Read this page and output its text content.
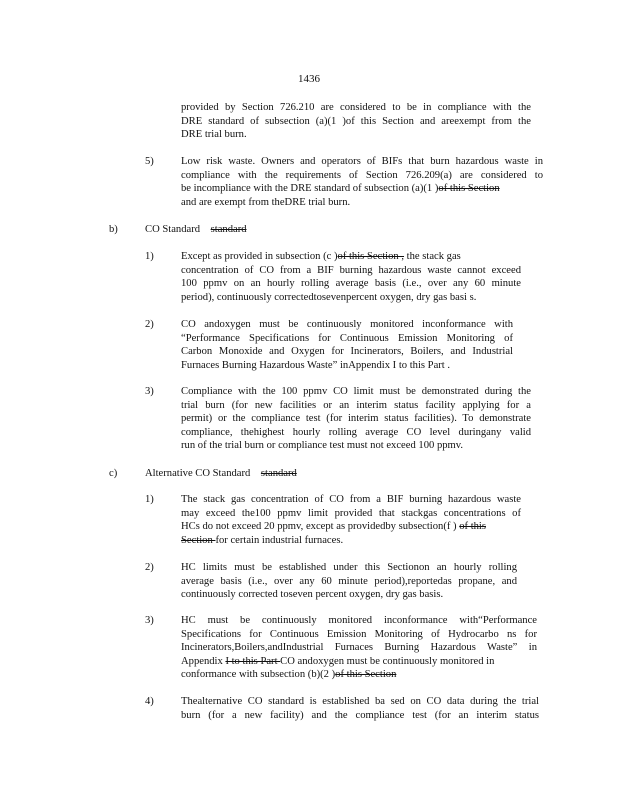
1436
provided by Section 726.210 are considered to be in compliance with the
DRE standard of subsection (a)(1 )of this Section and areexempt from the
DRE trial burn.
5)	Low risk waste. Owners and operators of BIFs that burn hazardous waste in
compliance with the requirements of Section 726.209(a) are considered to
be incompliance with the DRE standard of subsection (a)(1 )of this Section
and are exempt from theDRE trial burn.
b)	CO Standard standard
1)	Except as provided in subsection (c )of this Section , the stack gas
concentration of CO from a BIF burning hazardous waste cannot exceed
100 ppmv on an hourly rolling average basis (i.e., over any 60 minute
period), continuously correctedtosevenpercent oxygen, dry gas basi s.
2)	CO andoxygen must be continuously monitored inconformance with
“Performance Specifications for Continuous Emission Monitoring of
Carbon Monoxide and Oxygen for Incinerators, Boilers, and Industrial
Furnaces Burning Hazardous Waste” inAppendix I to this Part .
3)	Compliance with the 100 ppmv CO limit must be demonstrated during the
trial burn (for new facilities or an interim status facility applying for a
permit) or the compliance test (for interim status facilities). To demonstrate
compliance, thehighest hourly rolling average CO level duringany valid
run of the trial burn or compliance test must not exceed 100 ppmv.
c)	Alternative CO Standard standard
1)	The stack gas concentration of CO from a BIF burning hazardous waste
may exceed the100 ppmv limit provided that stackgas concentrations of
HCs do not exceed 20 ppmv, except as providedby subsection(f ) of this
Section for certain industrial furnaces.
2)	HC limits must be established under this Sectionon an hourly rolling
average basis (i.e., over any 60 minute period),reportedas propane, and
continuously corrected toseven percent oxygen, dry gas basis.
3)	HC must be continuously monitored inconformance with“Performance
Specifications for Continuous Emission Monitoring of Hydrocarbo ns for
Incinerators,Boilers,andIndustrial Furnaces Burning Hazardous Waste” in
Appendix I to this Part CO andoxygen must be continuously monitored in
conformance with subsection (b)(2 )of this Section
4)	Thealternative CO standard is established ba sed on CO data during the trial
burn (for a new facility) and the compliance test (for an interim status
